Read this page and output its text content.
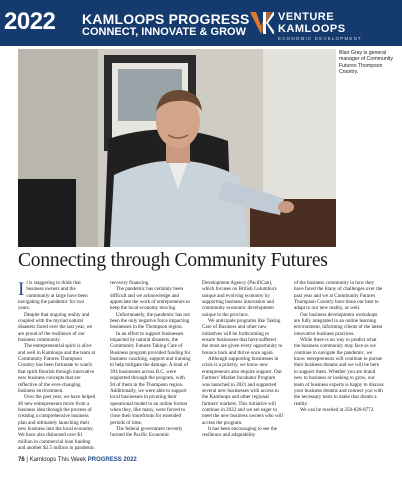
2022 KAMLOOPS PROGRESS
CONNECT, INNOVATE & GROW
VENTURE
KAMLOOPS
ECONOMIC DEVELOPMENT
Blair Gray is general manager of Community Futures Thompson Country.
Connecting through Community Futures
I t is staggering to think that business owners and the community at large have been navigating the pandemic for two years.

Despite that ongoing reality and coupled with the myriad natural disasters faced over the last year, we are proud of the resilience of our business community.

The entrepreneurial spirit is alive and well in Kamloops and the team at Community Futures Thompson Country has been fortunate to watch that spirit flourish through innovative new business concepts that are reflective of the ever-changing business environment.

Over the past year, we have helped 40 new entrepreneurs move from a business idea through the process of creating a comprehensive business plan and ultimately launching their new business into the local economy. We have also disbursed over $1 million in commercial loan funding and another $2.5 million in pandemic

recovery financing.

The pandemic has certainly been difficult and we acknowledge and appreciate the work of entrepreneurs to keep the local economy moving.

Unfortunately, the pandemic has not been the only negative force impacting businesses in the Thompson region.

In an effort to support businesses impacted by natural disasters, the Community Futures Taking Care of Business program provided funding for business coaching, support and training to help mitigate the damage. A total of 394 businesses across B.C. were supported through the program, with 94 of them in the Thompson region. Additionally, we were able to support local businesses in pivoting their operational model to an online format when they, like many, were forced to close their storefronts for extended periods of time.

The federal government recently formed the Pacific Economic

Development Agency (PacifiCan), which focuses on British Columbia's unique and evolving economy by supporting business innovation and community economic development unique to the province.

We anticipate programs like Taking Care of Business and other new initiatives will be forthcoming to ensure businesses that have suffered the most are given every opportunity to bounce back and thrive once again.

Although supporting businesses in crisis is a priority, we know new entrepreneurs also require support. Our Farmers' Market Incubator Program was launched in 2021 and supported several new businesses with access to the Kamloops and other regional farmers' markets. This initiative will continue in 2022 and we are eager to meet the new business owners who will access the program.

It has been encouraging to see the resilience and adaptability

of the business community in how they have faced the litany of challenges over the past year and we at Community Futures Thompson Country have done our best to adapt to our new reality, as well.

Our business development workshops are fully integrated in an online learning environment, informing clients of the latest innovative business practices.

While there is no way to predict what the business community may face as we continue to navigate the pandemic, we know entrepreneurs will continue to pursue their business dreams and we will be here to support them. Whether you are brand new to business or looking to grow, our team of business experts is happy to discuss your business dreams and connect you with the necessary tools to make that dream a reality.

We can be reached at 250-828-8772.

76 | Kamloops This Week PROGRESS 2022
